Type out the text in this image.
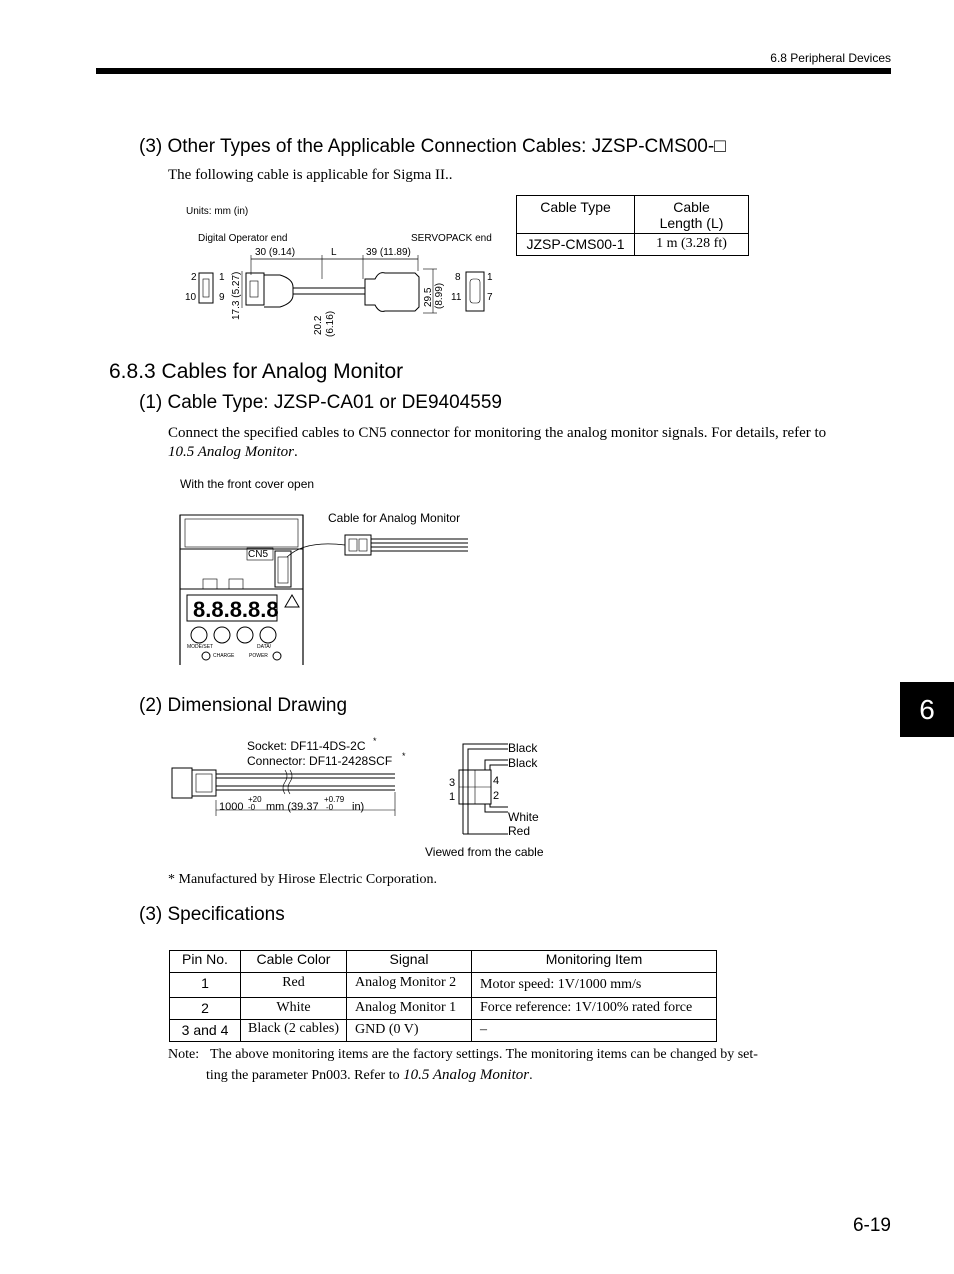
6.8 Peripheral Devices
(3) Other Types of the Applicable Connection Cables: JZSP-CMS00-□
The following cable is applicable for Sigma II..
Units: mm (in)
Digital Operator end	SERVOPACK end
30 (9.14)	L	39 (11.89)
2 1
10 9 17.3 (5.27)
20.2 (6.16)
29.5 (8.99)
8	1
11	7
Cable Type	Cable Length (L)
JZSP-CMS00-1	1 m (3.28 ft)
6.8.3 Cables for Analog Monitor
(1) Cable Type: JZSP-CA01 or DE9404559
Connect the specified cables to CN5 connector for monitoring the analog monitor signals. For details, refer to
10.5 Analog Monitor.
With the front cover open
Cable for Analog Monitor
CN5
8.8.8.8.8
MODE/SET	DATA/
CHARGE	POWER
(2) Dimensional Drawing
Socket: DF11-4DS-2C *
Connector: DF11-2428SCF *
1000
+20
-0 mm (39.37
+0.79
-0 in)
Black
Black
White
Red
3
1
4
2
Viewed from the cable
* Manufactured by Hirose Electric Corporation.
(3) Specifications
Pin No.	Cable Color	Signal	Monitoring Item
1	Red	Analog Monitor 2	Motor speed: 1V/1000 mm/s
2	White	Analog Monitor 1	Force reference: 1V/100% rated force
3 and 4	Black (2 cables)	GND (0 V)	–
Note: The above monitoring items are the factory settings. The monitoring items can be changed by set-
ting the parameter Pn003. Refer to 10.5 Analog Monitor.
6
6-19
